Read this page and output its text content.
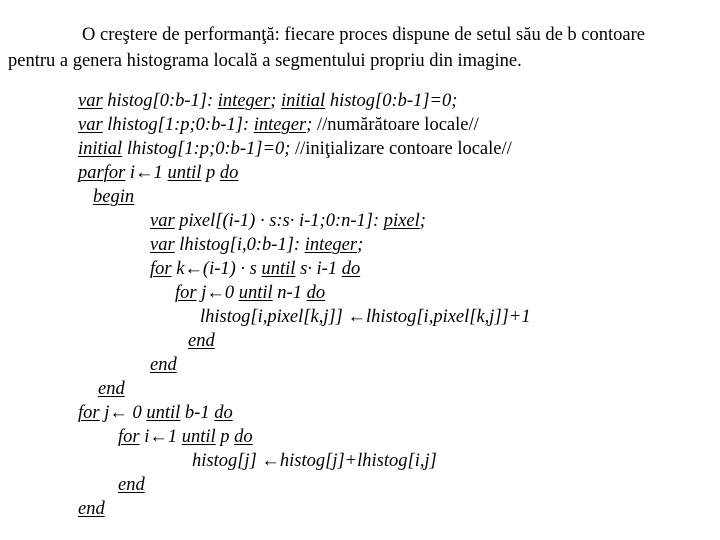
O creştere de performanţă: fiecare proces dispune de setul său de b contoare
pentru a genera histograma locală a segmentului propriu din imagine.
var histog[0:b-1]: integer; initial histog[0:b-1]=0;
var lhistog[1:p;0:b-1]: integer; //numărătoare locale//
initial lhistog[1:p;0:b-1]=0; //iniţializare contoare locale//
parfor i←1 until p do
begin
var pixel[(i-1) · s:s· i-1;0:n-1]: pixel;
var lhistog[i,0:b-1]: integer;
for k←(i-1) · s until s· i-1 do
for j←0 until n-1 do
lhistog[i,pixel[k,j]] ←lhistog[i,pixel[k,j]]+1
end
end
end
for j← 0 until b-1 do
for i←1 until p do
histog[j] ←histog[j]+lhistog[i,j]
end
end
